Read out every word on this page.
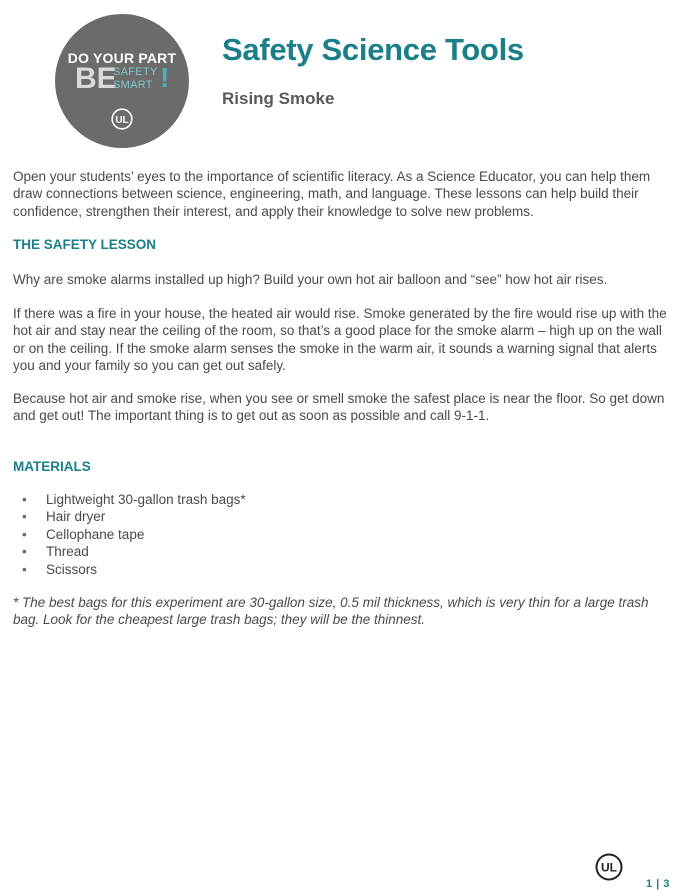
DO YOUR PART
BE
SAFETY
SMART !
UL
Safety Science Tools
Rising Smoke

Open your students’ eyes to the importance of scientific literacy. As a Science Educator, you can help them draw connections between science, engineering, math, and language. These lessons can help build their confidence, strengthen their interest, and apply their knowledge to solve new problems.

THE SAFETY LESSON

Why are smoke alarms installed up high? Build your own hot air balloon and “see” how hot air rises.

If there was a fire in your house, the heated air would rise. Smoke generated by the fire would rise up with the hot air and stay near the ceiling of the room, so that’s a good place for the smoke alarm – high up on the wall or on the ceiling. If the smoke alarm senses the smoke in the warm air, it sounds a warning signal that alerts you and your family so you can get out safely.

Because hot air and smoke rise, when you see or smell smoke the safest place is near the floor. So get down and get out! The important thing is to get out as soon as possible and call 9-1-1.

MATERIALS
• Lightweight 30-gallon trash bags*
• Hair dryer
• Cellophane tape
• Thread
• Scissors

* The best bags for this experiment are 30-gallon size, 0.5 mil thickness, which is very thin for a large trash bag. Look for the cheapest large trash bags; they will be the thinnest.

UL
1 | 3
